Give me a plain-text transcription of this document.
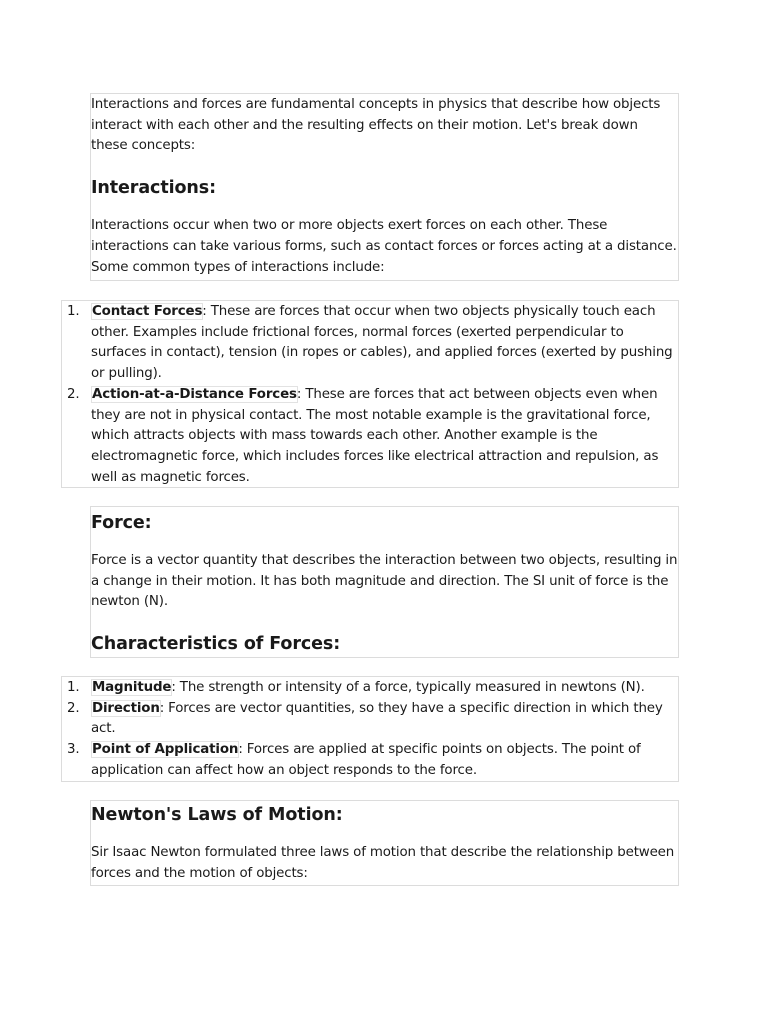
Interactions and forces are fundamental concepts in physics that describe how objects interact with each other and the resulting effects on their motion. Let's break down these concepts:

Interactions:

Interactions occur when two or more objects exert forces on each other. These interactions can take various forms, such as contact forces or forces acting at a distance. Some common types of interactions include:

1. Contact Forces: These are forces that occur when two objects physically touch each other. Examples include frictional forces, normal forces (exerted perpendicular to surfaces in contact), tension (in ropes or cables), and applied forces (exerted by pushing or pulling).
2. Action-at-a-Distance Forces: These are forces that act between objects even when they are not in physical contact. The most notable example is the gravitational force, which attracts objects with mass towards each other. Another example is the electromagnetic force, which includes forces like electrical attraction and repulsion, as well as magnetic forces.
Force:

Force is a vector quantity that describes the interaction between two objects, resulting in a change in their motion. It has both magnitude and direction. The SI unit of force is the newton (N).

Characteristics of Forces:
1. Magnitude: The strength or intensity of a force, typically measured in newtons (N).
2. Direction: Forces are vector quantities, so they have a specific direction in which they act.
3. Point of Application: Forces are applied at specific points on objects. The point of application can affect how an object responds to the force.
Newton's Laws of Motion:

Sir Isaac Newton formulated three laws of motion that describe the relationship between forces and the motion of objects:
